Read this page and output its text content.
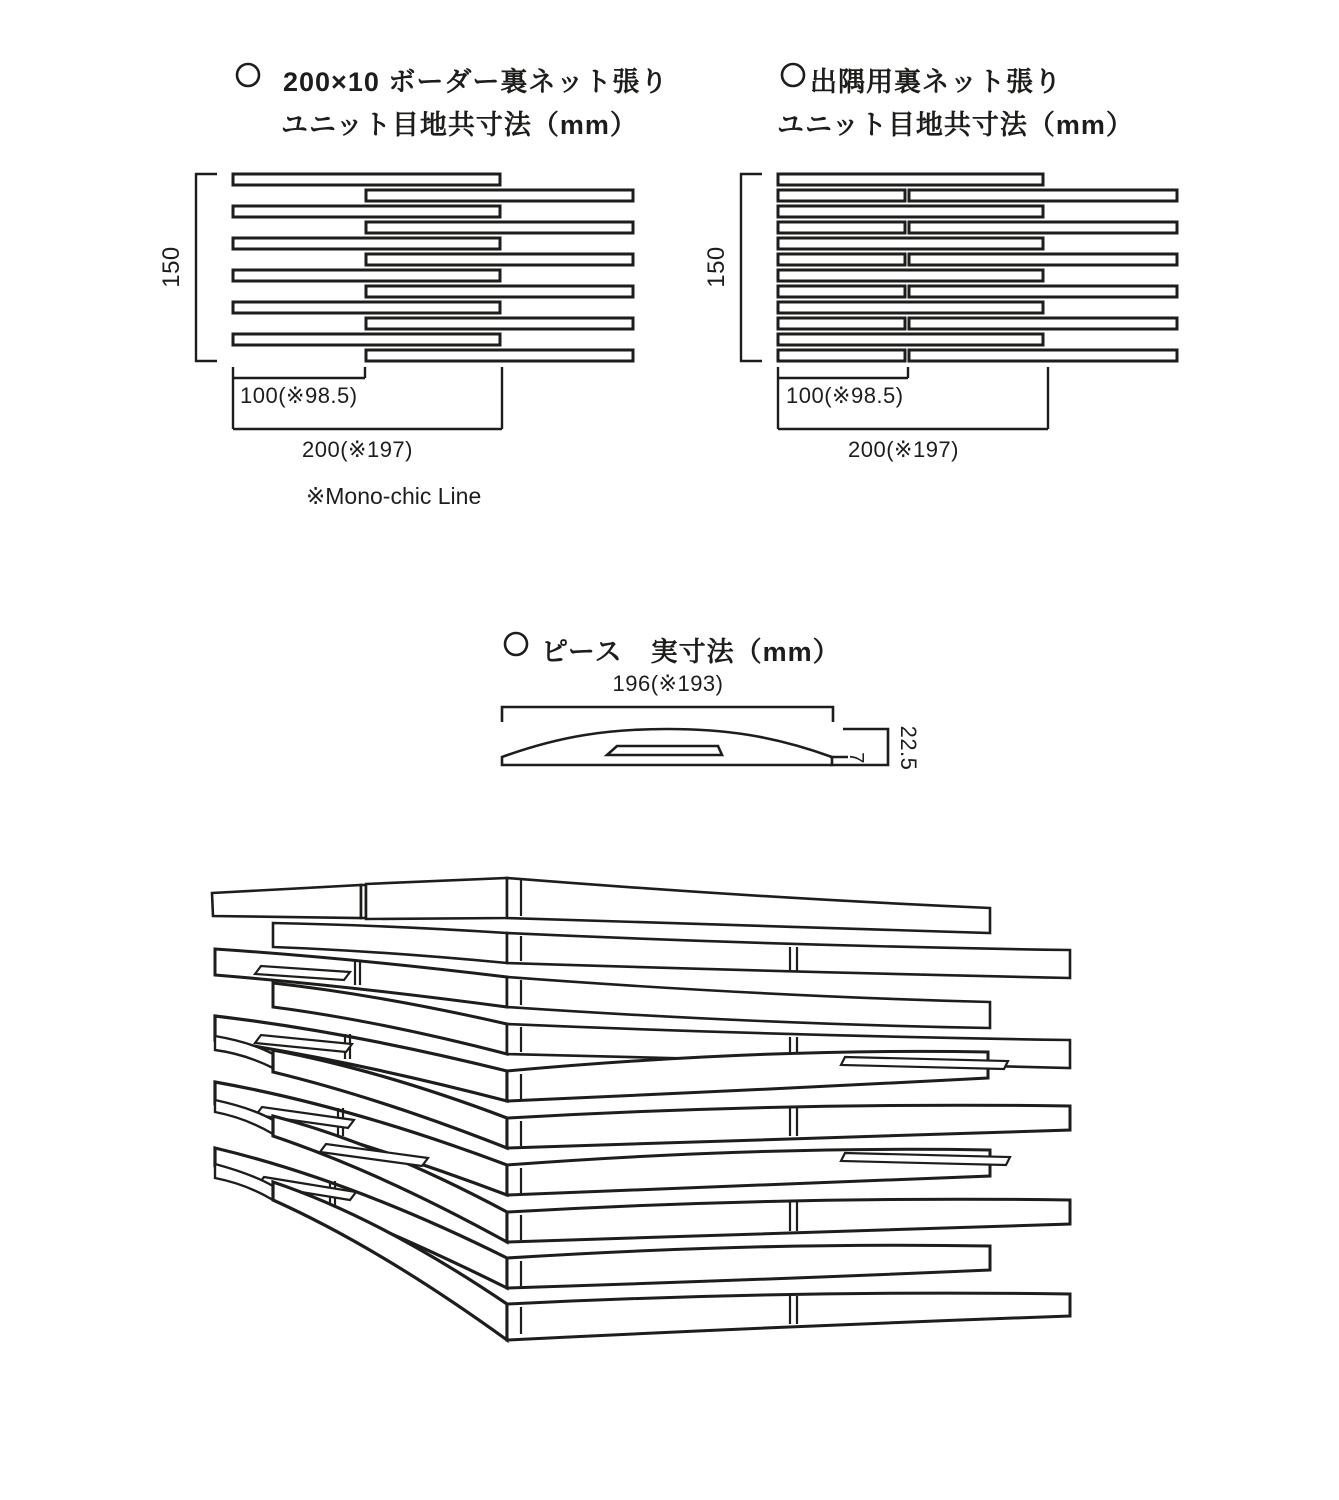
200×10 ボーダー裏ネット張り
ユニット目地共寸法（mm）
出隅用裏ネット張り
ユニット目地共寸法（mm）
150	150
100(※98.5)
200(※197)
100(※98.5)
200(※197)
※Mono-chic Line
ピース　実寸法（mm）
196(※193)
22.5
7
